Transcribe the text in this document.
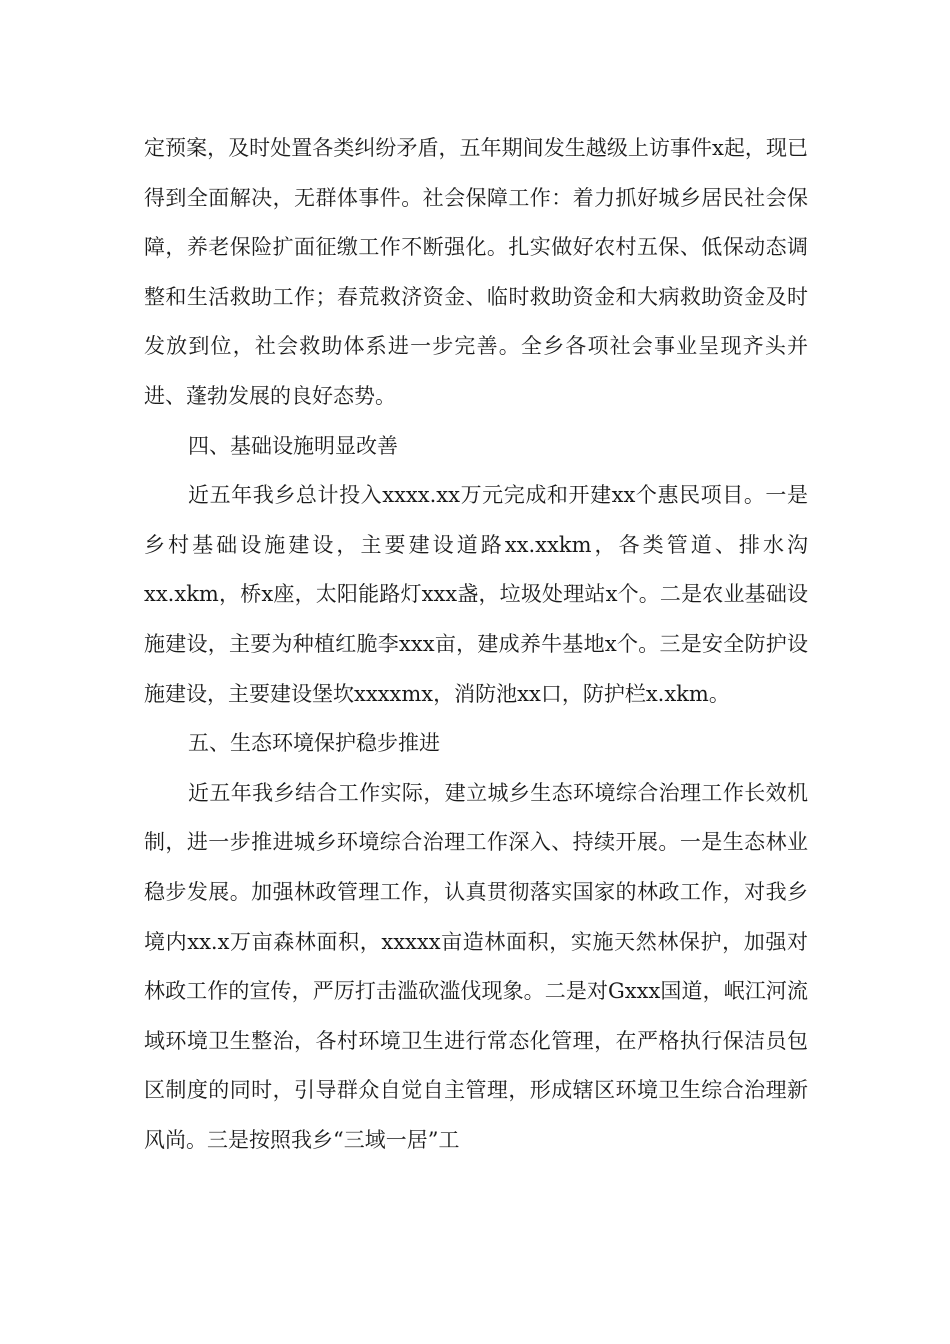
定预案，及时处置各类纠纷矛盾，五年期间发生越级上访事件x起，现已得到全面解决，无群体事件。社会保障工作：着力抓好城乡居民社会保障，养老保险扩面征缴工作不断强化。扎实做好农村五保、低保动态调整和生活救助工作；春荒救济资金、临时救助资金和大病救助资金及时发放到位，社会救助体系进一步完善。全乡各项社会事业呈现齐头并进、蓬勃发展的良好态势。

四、基础设施明显改善

近五年我乡总计投入xxxx.xx万元完成和开建xx个惠民项目。一是乡村基础设施建设，主要建设道路xx.xxkm，各类管道、排水沟xx.xkm，桥x座，太阳能路灯xxx盏，垃圾处理站x个。二是农业基础设施建设，主要为种植红脆李xxx亩，建成养牛基地x个。三是安全防护设施建设，主要建设堡坎xxxxmx，消防池xx口，防护栏x.xkm。

五、生态环境保护稳步推进

近五年我乡结合工作实际，建立城乡生态环境综合治理工作长效机制，进一步推进城乡环境综合治理工作深入、持续开展。一是生态林业稳步发展。加强林政管理工作，认真贯彻落实国家的林政工作，对我乡境内xx.x万亩森林面积，xxxxx亩造林面积，实施天然林保护，加强对林政工作的宣传，严厉打击滥砍滥伐现象。二是对Gxxx国道，岷江河流域环境卫生整治，各村环境卫生进行常态化管理，在严格执行保洁员包区制度的同时，引导群众自觉自主管理，形成辖区环境卫生综合治理新风尚。三是按照我乡“三域一居”工
